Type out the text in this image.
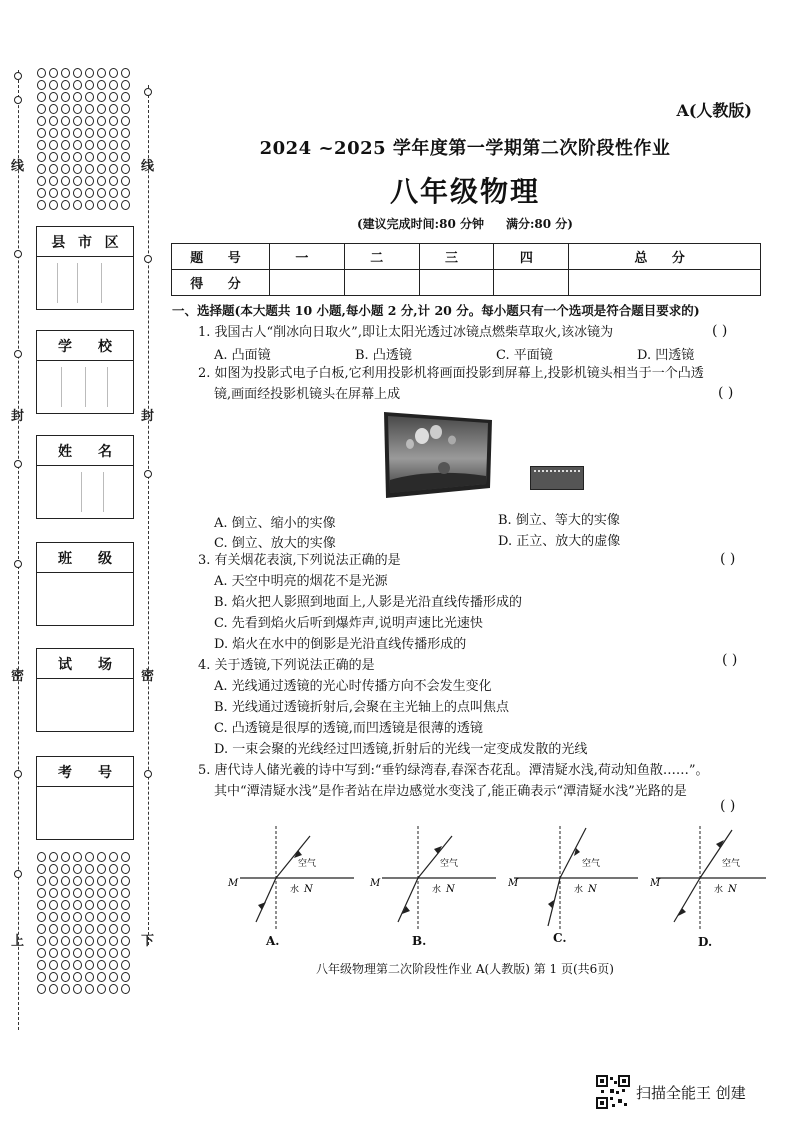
线
封
密
上
线
封
密
下
县 市 区
学 校
姓 名
班 级
试 场
考 号
A(人教版)
2024 ~2025 学年度第一学期第二次阶段性作业
八年级物理
(建议完成时间:80 分钟 满分:80 分)
题 号	一	二	三	四	总 分
得 分					
一、选择题(本大题共 10 小题,每小题 2 分,计 20 分。每小题只有一个选项是符合题目要求的)
1. 我国古人“削冰向日取火”,即让太阳光透过冰镜点燃柴草取火,该冰镜为	( )
A. 凸面镜	B. 凸透镜	C. 平面镜	D. 凹透镜
2. 如图为投影式电子白板,它利用投影机将画面投影到屏幕上,投影机镜头相当于一个凸透
镜,画面经投影机镜头在屏幕上成	( )
A. 倒立、缩小的实像	B. 倒立、等大的实像
C. 倒立、放大的实像	D. 正立、放大的虚像
3. 有关烟花表演,下列说法正确的是	( )
A. 天空中明亮的烟花不是光源
B. 焰火把人影照到地面上,人影是光沿直线传播形成的
C. 先看到焰火后听到爆炸声,说明声速比光速快
D. 焰火在水中的倒影是光沿直线传播形成的
4. 关于透镜,下列说法正确的是	( )
A. 光线通过透镜的光心时传播方向不会发生变化
B. 光线通过透镜折射后,会聚在主光轴上的点叫焦点
C. 凸透镜是很厚的透镜,而凹透镜是很薄的透镜
D. 一束会聚的光线经过凹透镜,折射后的光线一定变成发散的光线
5. 唐代诗人储光羲的诗中写到:“垂钓绿湾春,春深杏花乱。潭清疑水浅,荷动知鱼散……”。
其中“潭清疑水浅”是作者站在岸边感觉水变浅了,能正确表示“潭清疑水浅”光路的是
( )
M
空气
水 N
M
空气
水 N
M
空气
水 N
M
空气
水 N
A.	B.	C.	D.
八年级物理第二次阶段性作业 A(人教版) 第 1 页(共6页)
扫描全能王 创建
